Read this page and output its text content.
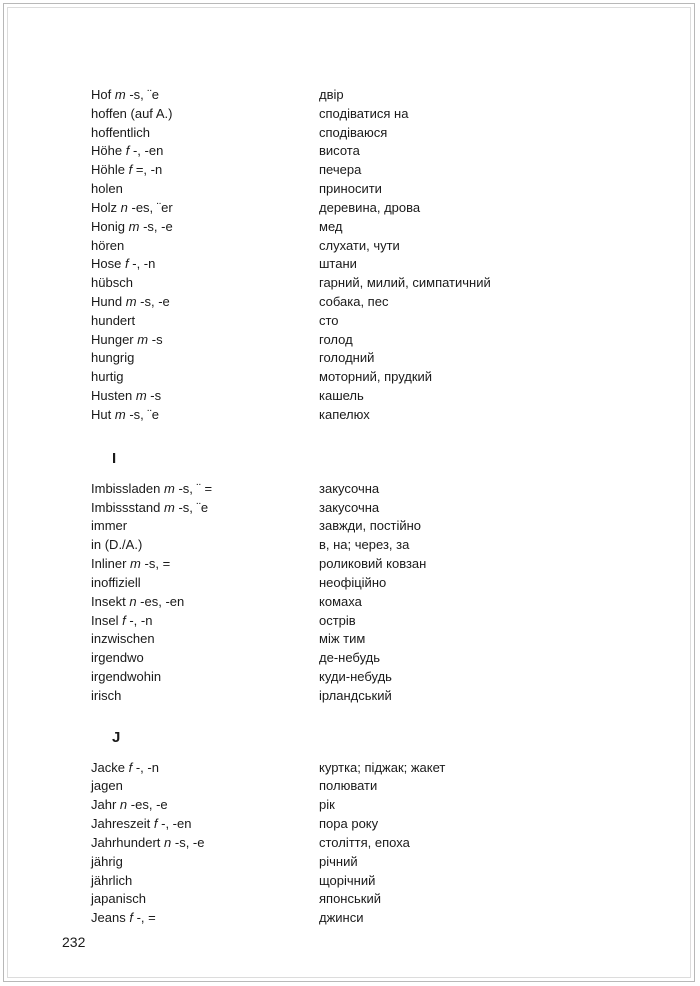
Hof m -s, ¨e	двір
hoffen (auf A.)	сподіватися на
hoffentlich	сподіваюся
Höhe f -, -en	висота
Höhle f =, -n	печера
holen	приносити
Holz n -es, ¨er	деревина, дрова
Honig m -s, -e	мед
hören	слухати, чути
Hose f -, -n	штани
hübsch	гарний, милий, симпатичний
Hund m -s, -e	собака, пес
hundert	сто
Hunger m -s	голод
hungrig	голодний
hurtig	моторний, прудкий
Husten m -s	кашель
Hut m -s, ¨e	капелюх
I
Imbissladen m -s, ¨ =	закусочна
Imbissstand m -s, ¨e	закусочна
immer	завжди, постійно
in (D./A.)	в, на; через, за
Inliner m -s, =	роликовий ковзан
inoffiziell	неофіційно
Insekt n -es, -en	комаха
Insel f -, -n	острів
inzwischen	між тим
irgendwo	де-небудь
irgendwohin	куди-небудь
irisch	ірландський
J
Jacke f -, -n	куртка; піджак; жакет
jagen	полювати
Jahr n -es, -e	рік
Jahreszeit f -, -en	пора року
Jahrhundert n -s, -e	століття, епоха
jährig	річний
jährlich	щорічний
japanisch	японський
Jeans f -, =	джинси
232
